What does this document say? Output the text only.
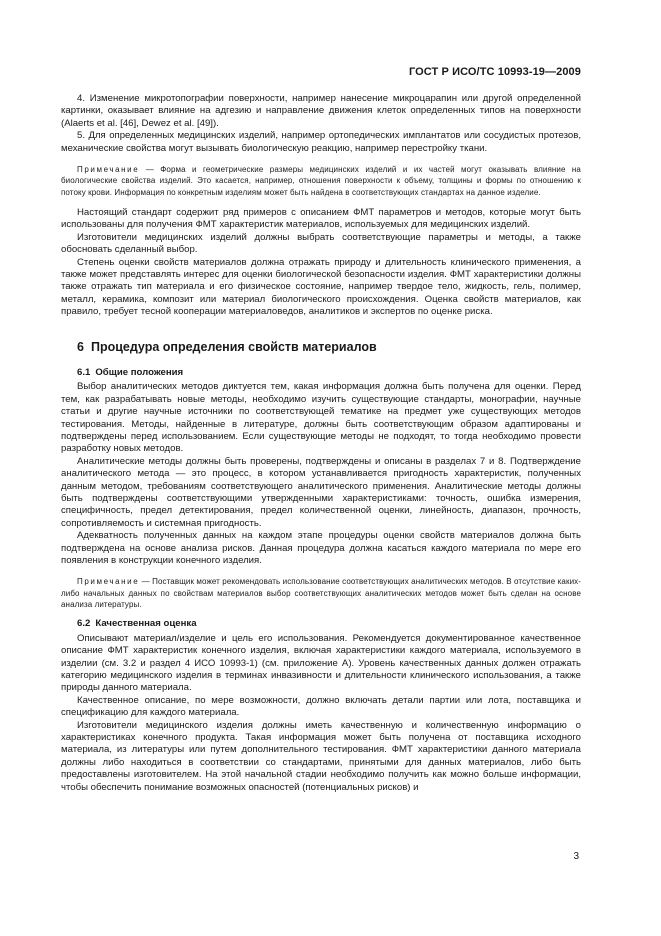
ГОСТ Р ИСО/ТС 10993-19—2009

4. Изменение микротопографии поверхности, например нанесение микроцарапин или другой определенной картинки, оказывает влияние на адгезию и направление движения клеток определенных типов на поверхности (Alaerts et al. [46], Dewez et al. [49]).

5. Для определенных медицинских изделий, например ортопедических имплантатов или сосудистых протезов, механические свойства могут вызывать биологическую реакцию, например перестройку ткани.

Примечание — Форма и геометрические размеры медицинских изделий и их частей могут оказывать влияние на биологические свойства изделий. Это касается, например, отношения поверхности к объему, толщины и формы по отношению к потоку крови. Информация по конкретным изделиям может быть найдена в соответствующих стандартах на данное изделие.

Настоящий стандарт содержит ряд примеров с описанием ФМТ параметров и методов, которые могут быть использованы для получения ФМТ характеристик материалов, используемых для медицинских изделий.

Изготовители медицинских изделий должны выбрать соответствующие параметры и методы, а также обосновать сделанный выбор.

Степень оценки свойств материалов должна отражать природу и длительность клинического применения, а также может представлять интерес для оценки биологической безопасности изделия. ФМТ характеристики должны также отражать тип материала и его физическое состояние, например твердое тело, жидкость, гель, полимер, металл, керамика, композит или материал биологического происхождения. Оценка свойств материалов, как правило, требует тесной кооперации материаловедов, аналитиков и экспертов по оценке риска.

6 Процедура определения свойств материалов
6.1 Общие положения

Выбор аналитических методов диктуется тем, какая информация должна быть получена для оценки. Перед тем, как разрабатывать новые методы, необходимо изучить существующие стандарты, монографии, научные статьи и другие научные источники по соответствующей тематике на предмет уже существующих методов тестирования. Методы, найденные в литературе, должны быть соответствующим образом адаптированы и подтверждены перед использованием. Если существующие методы не подходят, то тогда необходимо провести разработку новых методов.

Аналитические методы должны быть проверены, подтверждены и описаны в разделах 7 и 8. Подтверждение аналитического метода — это процесс, в котором устанавливается пригодность характеристик, полученных данным методом, требованиям соответствующего аналитического применения. Аналитические методы должны быть подтверждены соответствующими утвержденными характеристиками: точность, ошибка измерения, специфичность, предел детектирования, предел количественной оценки, линейность, диапазон, прочность, сопротивляемость и системная пригодность.

Адекватность полученных данных на каждом этапе процедуры оценки свойств материалов должна быть подтверждена на основе анализа рисков. Данная процедура должна касаться каждого материала по мере его появления в конструкции конечного изделия.

Примечание — Поставщик может рекомендовать использование соответствующих аналитических методов. В отсутствие каких-либо начальных данных по свойствам материалов выбор соответствующих аналитических методов может быть сделан на основе анализа литературы.

6.2 Качественная оценка

Описывают материал/изделие и цель его использования. Рекомендуется документированное качественное описание ФМТ характеристик конечного изделия, включая характеристики каждого материала, используемого в изделии (см. 3.2 и раздел 4 ИСО 10993-1) (см. приложение А). Уровень качественных данных должен отражать категорию медицинского изделия в терминах инвазивности и длительности клинического использования, а также природы данного материала.

Качественное описание, по мере возможности, должно включать детали партии или лота, поставщика и спецификацию для каждого материала.

Изготовители медицинского изделия должны иметь качественную и количественную информацию о характеристиках конечного продукта. Такая информация может быть получена от поставщика исходного материала, из литературы или путем дополнительного тестирования. ФМТ характеристики данного материала должны либо находиться в соответствии со стандартами, принятыми для данных материалов, либо быть предоставлены изготовителем. На этой начальной стадии необходимо получить как можно больше информации, чтобы обеспечить понимание возможных опасностей (потенциальных рисков) и

3
